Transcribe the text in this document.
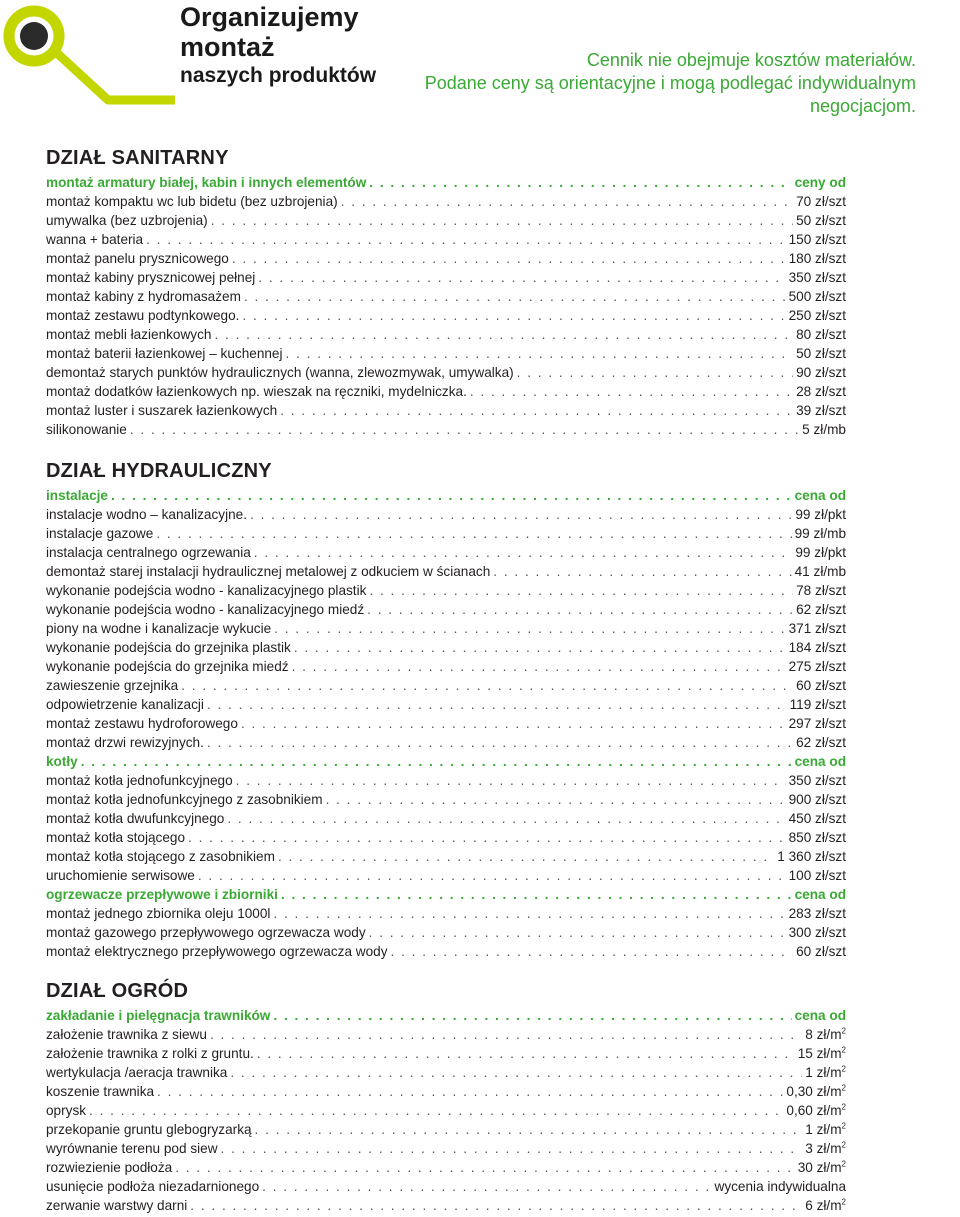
Organizujemy
montaż
naszych produktów
Cennik nie obejmuje kosztów materiałów.
Podane ceny są orientacyjne i mogą podlegać indywidualnym
negocjacjom.
DZIAŁ SANITARNY
montaż armatury białej, kabin i innych elementów . . .	ceny od
montaż kompaktu wc lub bidetu (bez uzbrojenia) . . .	70 zł/szt
umywalka (bez uzbrojenia) . . .	50 zł/szt
wanna + bateria . . .	150 zł/szt
montaż panelu prysznicowego . . .	180 zł/szt
montaż kabiny prysznicowej pełnej . . .	350 zł/szt
montaż kabiny z hydromasażem . . .	500 zł/szt
montaż zestawu podtynkowego. . . .	250 zł/szt
montaż mebli łazienkowych . . .	80 zł/szt
montaż baterii łazienkowej – kuchennej . . .	50 zł/szt
demontaż starych punktów hydraulicznych (wanna, zlewozmywak, umywalka) . . .	90 zł/szt
montaż dodatków łazienkowych np. wieszak na ręczniki, mydelniczka. . . .	28 zł/szt
montaż luster i suszarek łazienkowych . . .	39 zł/szt
silikonowanie . . .	5 zł/mb
DZIAŁ HYDRAULICZNY
instalacje . . .	cena od
instalacje wodno – kanalizacyjne. . . .	99 zł/pkt
instalacje gazowe . . .	99 zł/mb
instalacja centralnego ogrzewania . . .	99 zł/pkt
demontaż starej instalacji hydraulicznej metalowej z odkuciem w ścianach . . .	41 zł/mb
wykonanie podejścia wodno - kanalizacyjnego plastik . . .	78 zł/szt
wykonanie podejścia wodno - kanalizacyjnego miedź . . .	62 zł/szt
piony na wodne i kanalizacje wykucie . . .	371 zł/szt
wykonanie podejścia do grzejnika plastik . . .	184 zł/szt
wykonanie podejścia do grzejnika miedź . . .	275 zł/szt
zawieszenie grzejnika . . .	60 zł/szt
odpowietrzenie kanalizacji . . .	119 zł/szt
montaż zestawu hydroforowego . . .	297 zł/szt
montaż drzwi rewizyjnych. . . .	62 zł/szt
kotły . . .	cena od
montaż kotła jednofunkcyjnego . . .	350 zł/szt
montaż kotła jednofunkcyjnego z zasobnikiem . . .	900 zł/szt
montaż kotła dwufunkcyjnego . . .	450 zł/szt
montaż kotła stojącego . . .	850 zł/szt
montaż kotła stojącego z zasobnikiem . . .	1 360 zł/szt
uruchomienie serwisowe . . .	100 zł/szt
ogrzewacze przepływowe i zbiorniki . . .	cena od
montaż jednego zbiornika oleju 1000l . . .	283 zł/szt
montaż gazowego przepływowego ogrzewacza wody . . .	300 zł/szt
montaż elektrycznego przepływowego ogrzewacza wody . . .	60 zł/szt
DZIAŁ OGRÓD
zakładanie i pielęgnacja trawników . . .	cena od
założenie trawnika z siewu . . .	8 $zł/m^2$
założenie trawnika z rolki z gruntu. . . .	15 $zł/m^2$
wertykulacja /aeracja trawnika . . .	1 $zł/m^2$
koszenie trawnika . . .	0,30 $zł/m^2$
oprysk . . .	0,60 $zł/m^2$
przekopanie gruntu glebogryzarką . . .	1 $zł/m^2$
wyrównanie terenu pod siew . . .	3 $zł/m^2$
rozwiezienie podłoża . . .	30 $zł/m^2$
usunięcie podłoża niezadarnionego . . .	wycenia indywidualna
zerwanie warstwy darni . . .	6 $zł/m^2$
